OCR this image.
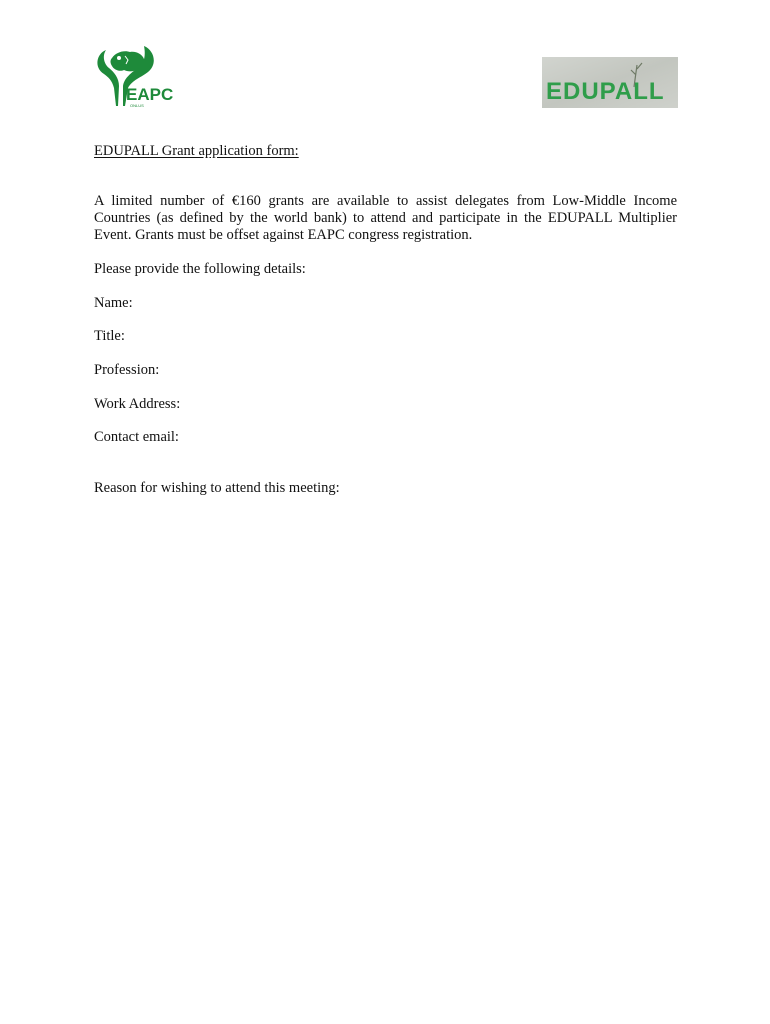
EAPC
ONLUS
EDUPALL
EDUPALL Grant application form:
A limited number of €160 grants are available to assist delegates from Low-Middle Income Countries (as defined by the world bank) to attend and participate in the EDUPALL Multiplier Event. Grants must be offset against EAPC congress registration.
Please provide the following details:
Name:
Title:
Profession:
Work Address:
Contact email:
Reason for wishing to attend this meeting:
